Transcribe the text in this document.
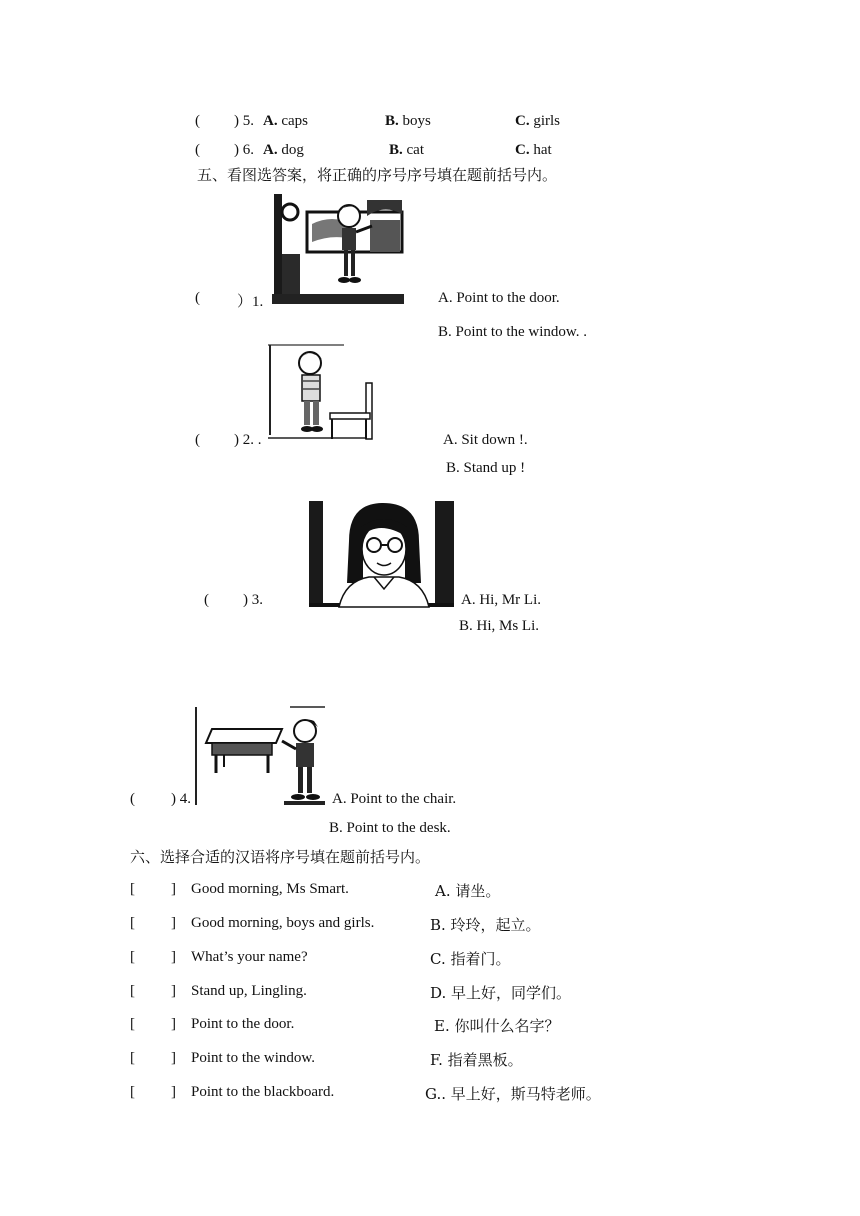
( ) 5. A. caps	B. boys	C. girls
( ) 6. A. dog	B. cat	C. hat
五、看图选答案，将正确的序号序号填在题前括号内。
( ）1.	A. Point to the door.
B. Point to the window. .
( ) 2. .	A. Sit down !.
B. Stand up !
( ) 3.	A. Hi, Mr Li.
B. Hi, Ms Li.
( ) 4.	A. Point to the chair.
B. Point to the desk.
六、选择合适的汉语将序号填在题前括号内。
[ ] Good morning, Ms Smart.	A. 请坐。
[ ] Good morning, boys and girls.	B. 玲玲，起立。
[ ] What’s your name?	C. 指着门。
[ ] Stand up, Lingling.	D. 早上好，同学们。
[ ] Point to the door.	E. 你叫什么名字？
[ ] Point to the window.	F. 指着黑板。
[ ] Point to the blackboard.	G.. 早上好，斯马特老师。
